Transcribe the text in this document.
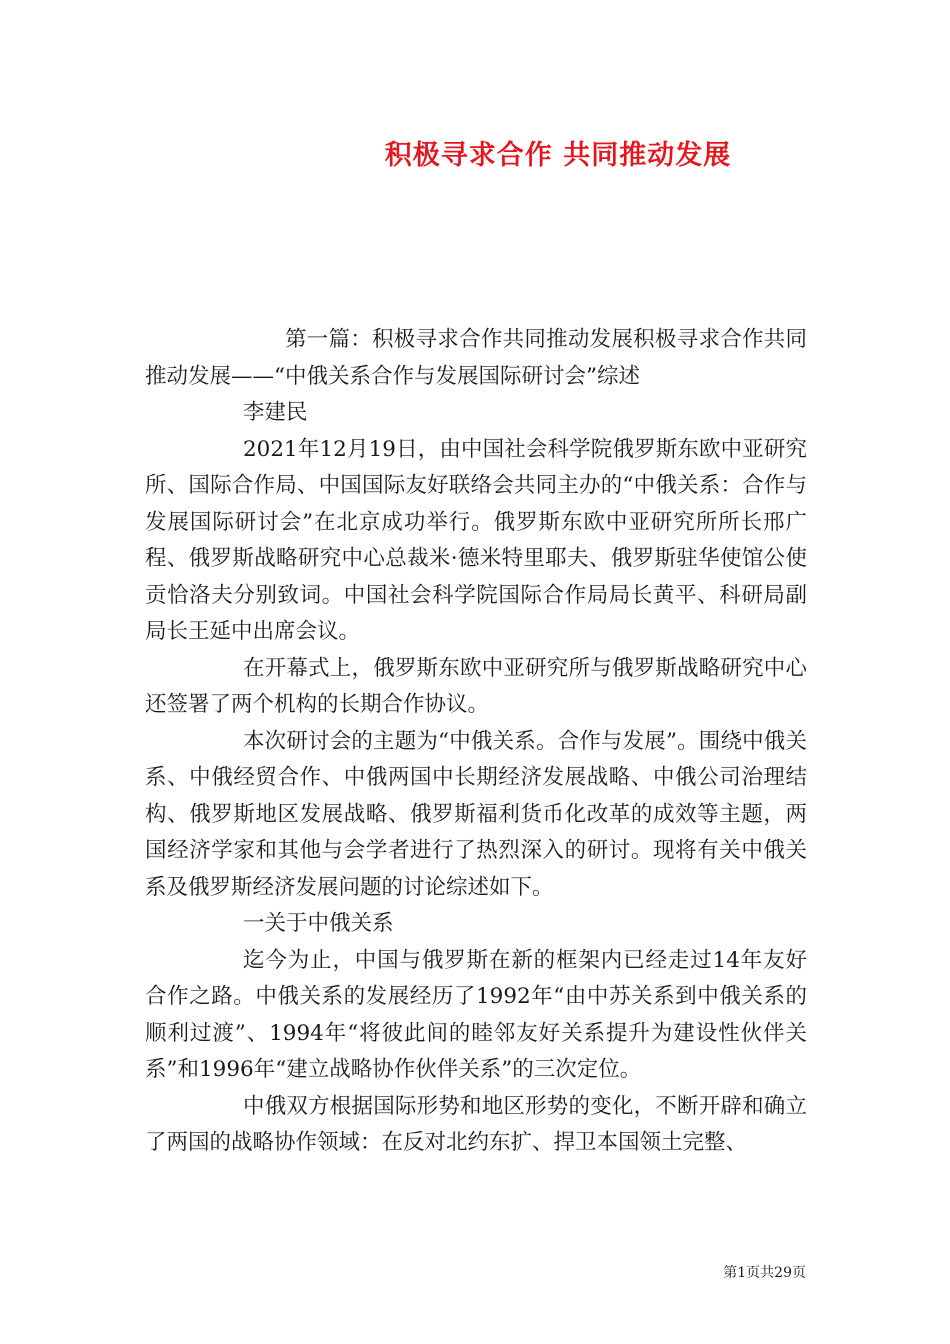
积极寻求合作 共同推动发展

第一篇：积极寻求合作共同推动发展积极寻求合作共同推动发展——“中俄关系合作与发展国际研讨会”综述

李建民

2021年12月19日，由中国社会科学院俄罗斯东欧中亚研究所、国际合作局、中国国际友好联络会共同主办的“中俄关系：合作与发展国际研讨会”在北京成功举行。俄罗斯东欧中亚研究所所长邢广程、俄罗斯战略研究中心总裁米·德米特里耶夫、俄罗斯驻华使馆公使贡恰洛夫分别致词。中国社会科学院国际合作局局长黄平、科研局副局长王延中出席会议。

在开幕式上，俄罗斯东欧中亚研究所与俄罗斯战略研究中心还签署了两个机构的长期合作协议。

本次研讨会的主题为“中俄关系。合作与发展”。围绕中俄关系、中俄经贸合作、中俄两国中长期经济发展战略、中俄公司治理结构、俄罗斯地区发展战略、俄罗斯福利货币化改革的成效等主题，两国经济学家和其他与会学者进行了热烈深入的研讨。现将有关中俄关系及俄罗斯经济发展问题的讨论综述如下。

一关于中俄关系

迄今为止，中国与俄罗斯在新的框架内已经走过14年友好合作之路。中俄关系的发展经历了1992年“由中苏关系到中俄关系的顺利过渡”、1994年“将彼此间的睦邻友好关系提升为建设性伙伴关系”和1996年“建立战略协作伙伴关系”的三次定位。

中俄双方根据国际形势和地区形势的变化，不断开辟和确立了两国的战略协作领域：在反对北约东扩、捍卫本国领土完整、

第1页共29页
